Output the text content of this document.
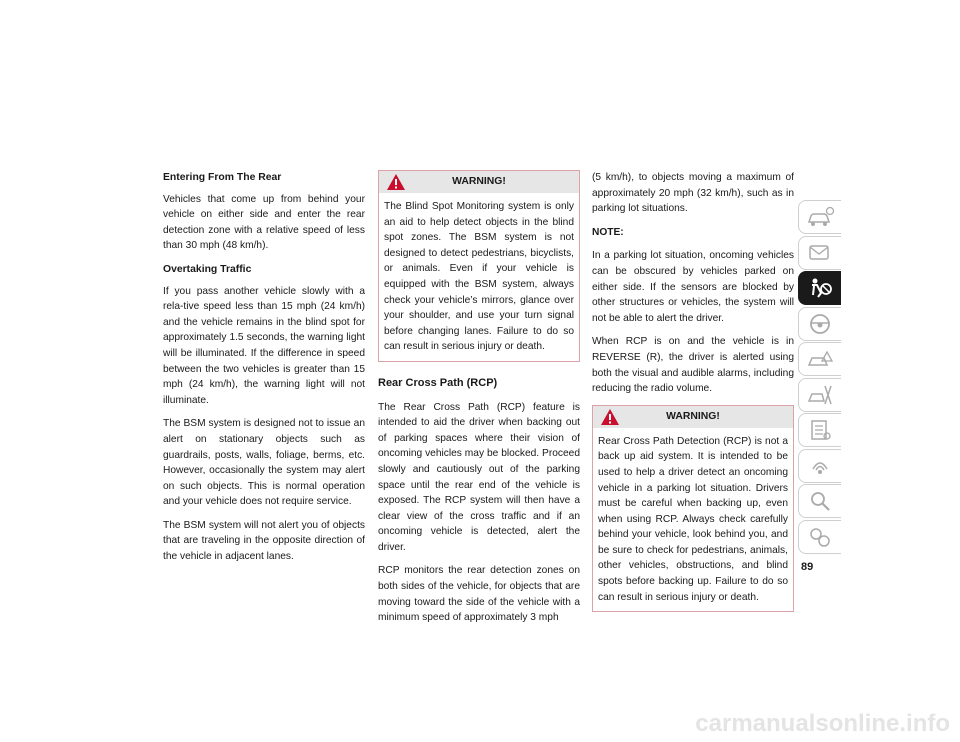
Entering From The Rear

Vehicles that come up from behind your vehicle on either side and enter the rear detection zone with a relative speed of less than 30 mph (48 km/h).

Overtaking Traffic

If you pass another vehicle slowly with a rela-tive speed less than 15 mph (24 km/h) and the vehicle remains in the blind spot for approximately 1.5 seconds, the warning light will be illuminated. If the difference in speed between the two vehicles is greater than 15 mph (24 km/h), the warning light will not illuminate.

The BSM system is designed not to issue an alert on stationary objects such as guardrails, posts, walls, foliage, berms, etc. However, occasionally the system may alert on such objects. This is normal operation and your vehicle does not require service.

The BSM system will not alert you of objects that are traveling in the opposite direction of the vehicle in adjacent lanes.

WARNING!

The Blind Spot Monitoring system is only an aid to help detect objects in the blind spot zones. The BSM system is not designed to detect pedestrians, bicyclists, or animals. Even if your vehicle is equipped with the BSM system, always check your vehicle’s mirrors, glance over your shoulder, and use your turn signal before changing lanes. Failure to do so can result in serious injury or death.

Rear Cross Path (RCP)

The Rear Cross Path (RCP) feature is intended to aid the driver when backing out of parking spaces where their vision of oncoming vehicles may be blocked. Proceed slowly and cautiously out of the parking space until the rear end of the vehicle is exposed. The RCP system will then have a clear view of the cross traffic and if an oncoming vehicle is detected, alert the driver.

RCP monitors the rear detection zones on both sides of the vehicle, for objects that are moving toward the side of the vehicle with a minimum speed of approximately 3 mph

(5 km/h), to objects moving a maximum of approximately 20 mph (32 km/h), such as in parking lot situations.

NOTE:

In a parking lot situation, oncoming vehicles can be obscured by vehicles parked on either side. If the sensors are blocked by other structures or vehicles, the system will not be able to alert the driver.

When RCP is on and the vehicle is in REVERSE (R), the driver is alerted using both the visual and audible alarms, including reducing the radio volume.

WARNING!

Rear Cross Path Detection (RCP) is not a back up aid system. It is intended to be used to help a driver detect an oncoming vehicle in a parking lot situation. Drivers must be careful when backing up, even when using RCP. Always check carefully behind your vehicle, look behind you, and be sure to check for pedestrians, animals, other vehicles, obstructions, and blind spots before backing up. Failure to do so can result in serious injury or death.

89
carmanualsonline.info
